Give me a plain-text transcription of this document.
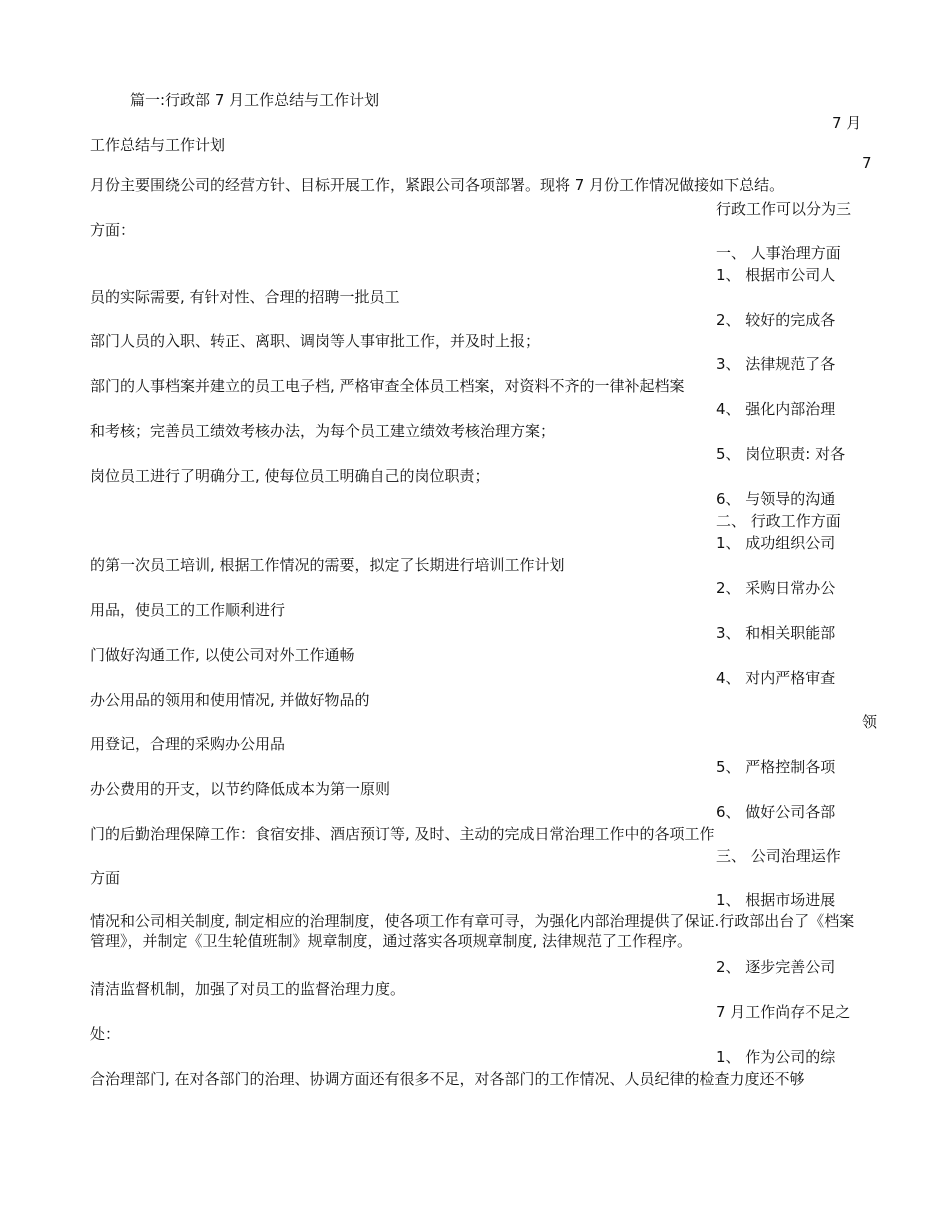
篇一:行政部 7 月工作总结与工作计划
7 月
工作总结与工作计划
7
月份主要围绕公司的经营方针、目标开展工作，紧跟公司各项部署。现将 7 月份工作情况做接如下总结。
行政工作可以分为三
方面：
一、 人事治理方面
1、 根据市公司人
员的实际需要, 有针对性、合理的招聘一批员工
2、 较好的完成各
部门人员的入职、转正、离职、调岗等人事审批工作，并及时上报；
3、 法律规范了各
部门的人事档案并建立的员工电子档, 严格审查全体员工档案，对资料不齐的一律补起档案
4、 强化内部治理
和考核；完善员工绩效考核办法，为每个员工建立绩效考核治理方案；
5、 岗位职责: 对各
岗位员工进行了明确分工, 使每位员工明确自己的岗位职责；
6、 与领导的沟通
二、 行政工作方面
1、 成功组织公司
的第一次员工培训, 根据工作情况的需要，拟定了长期进行培训工作计划
2、 采购日常办公
用品，使员工的工作顺利进行
3、 和相关职能部
门做好沟通工作, 以使公司对外工作通畅
4、 对内严格审查
办公用品的领用和使用情况, 并做好物品的
领
用登记，合理的采购办公用品
5、 严格控制各项
办公费用的开支，以节约降低成本为第一原则
6、 做好公司各部
门的后勤治理保障工作：食宿安排、酒店预订等, 及时、主动的完成日常治理工作中的各项工作
三、 公司治理运作
方面
1、 根据市场进展
情况和公司相关制度, 制定相应的治理制度，使各项工作有章可寻，为强化内部治理提供了保证.行政部出台了《档案管理》，并制定《卫生轮值班制》规章制度，通过落实各项规章制度, 法律规范了工作程序。
2、 逐步完善公司
清洁监督机制，加强了对员工的监督治理力度。
7 月工作尚存不足之
处：
1、 作为公司的综
合治理部门, 在对各部门的治理、协调方面还有很多不足，对各部门的工作情况、人员纪律的检查力度还不够
